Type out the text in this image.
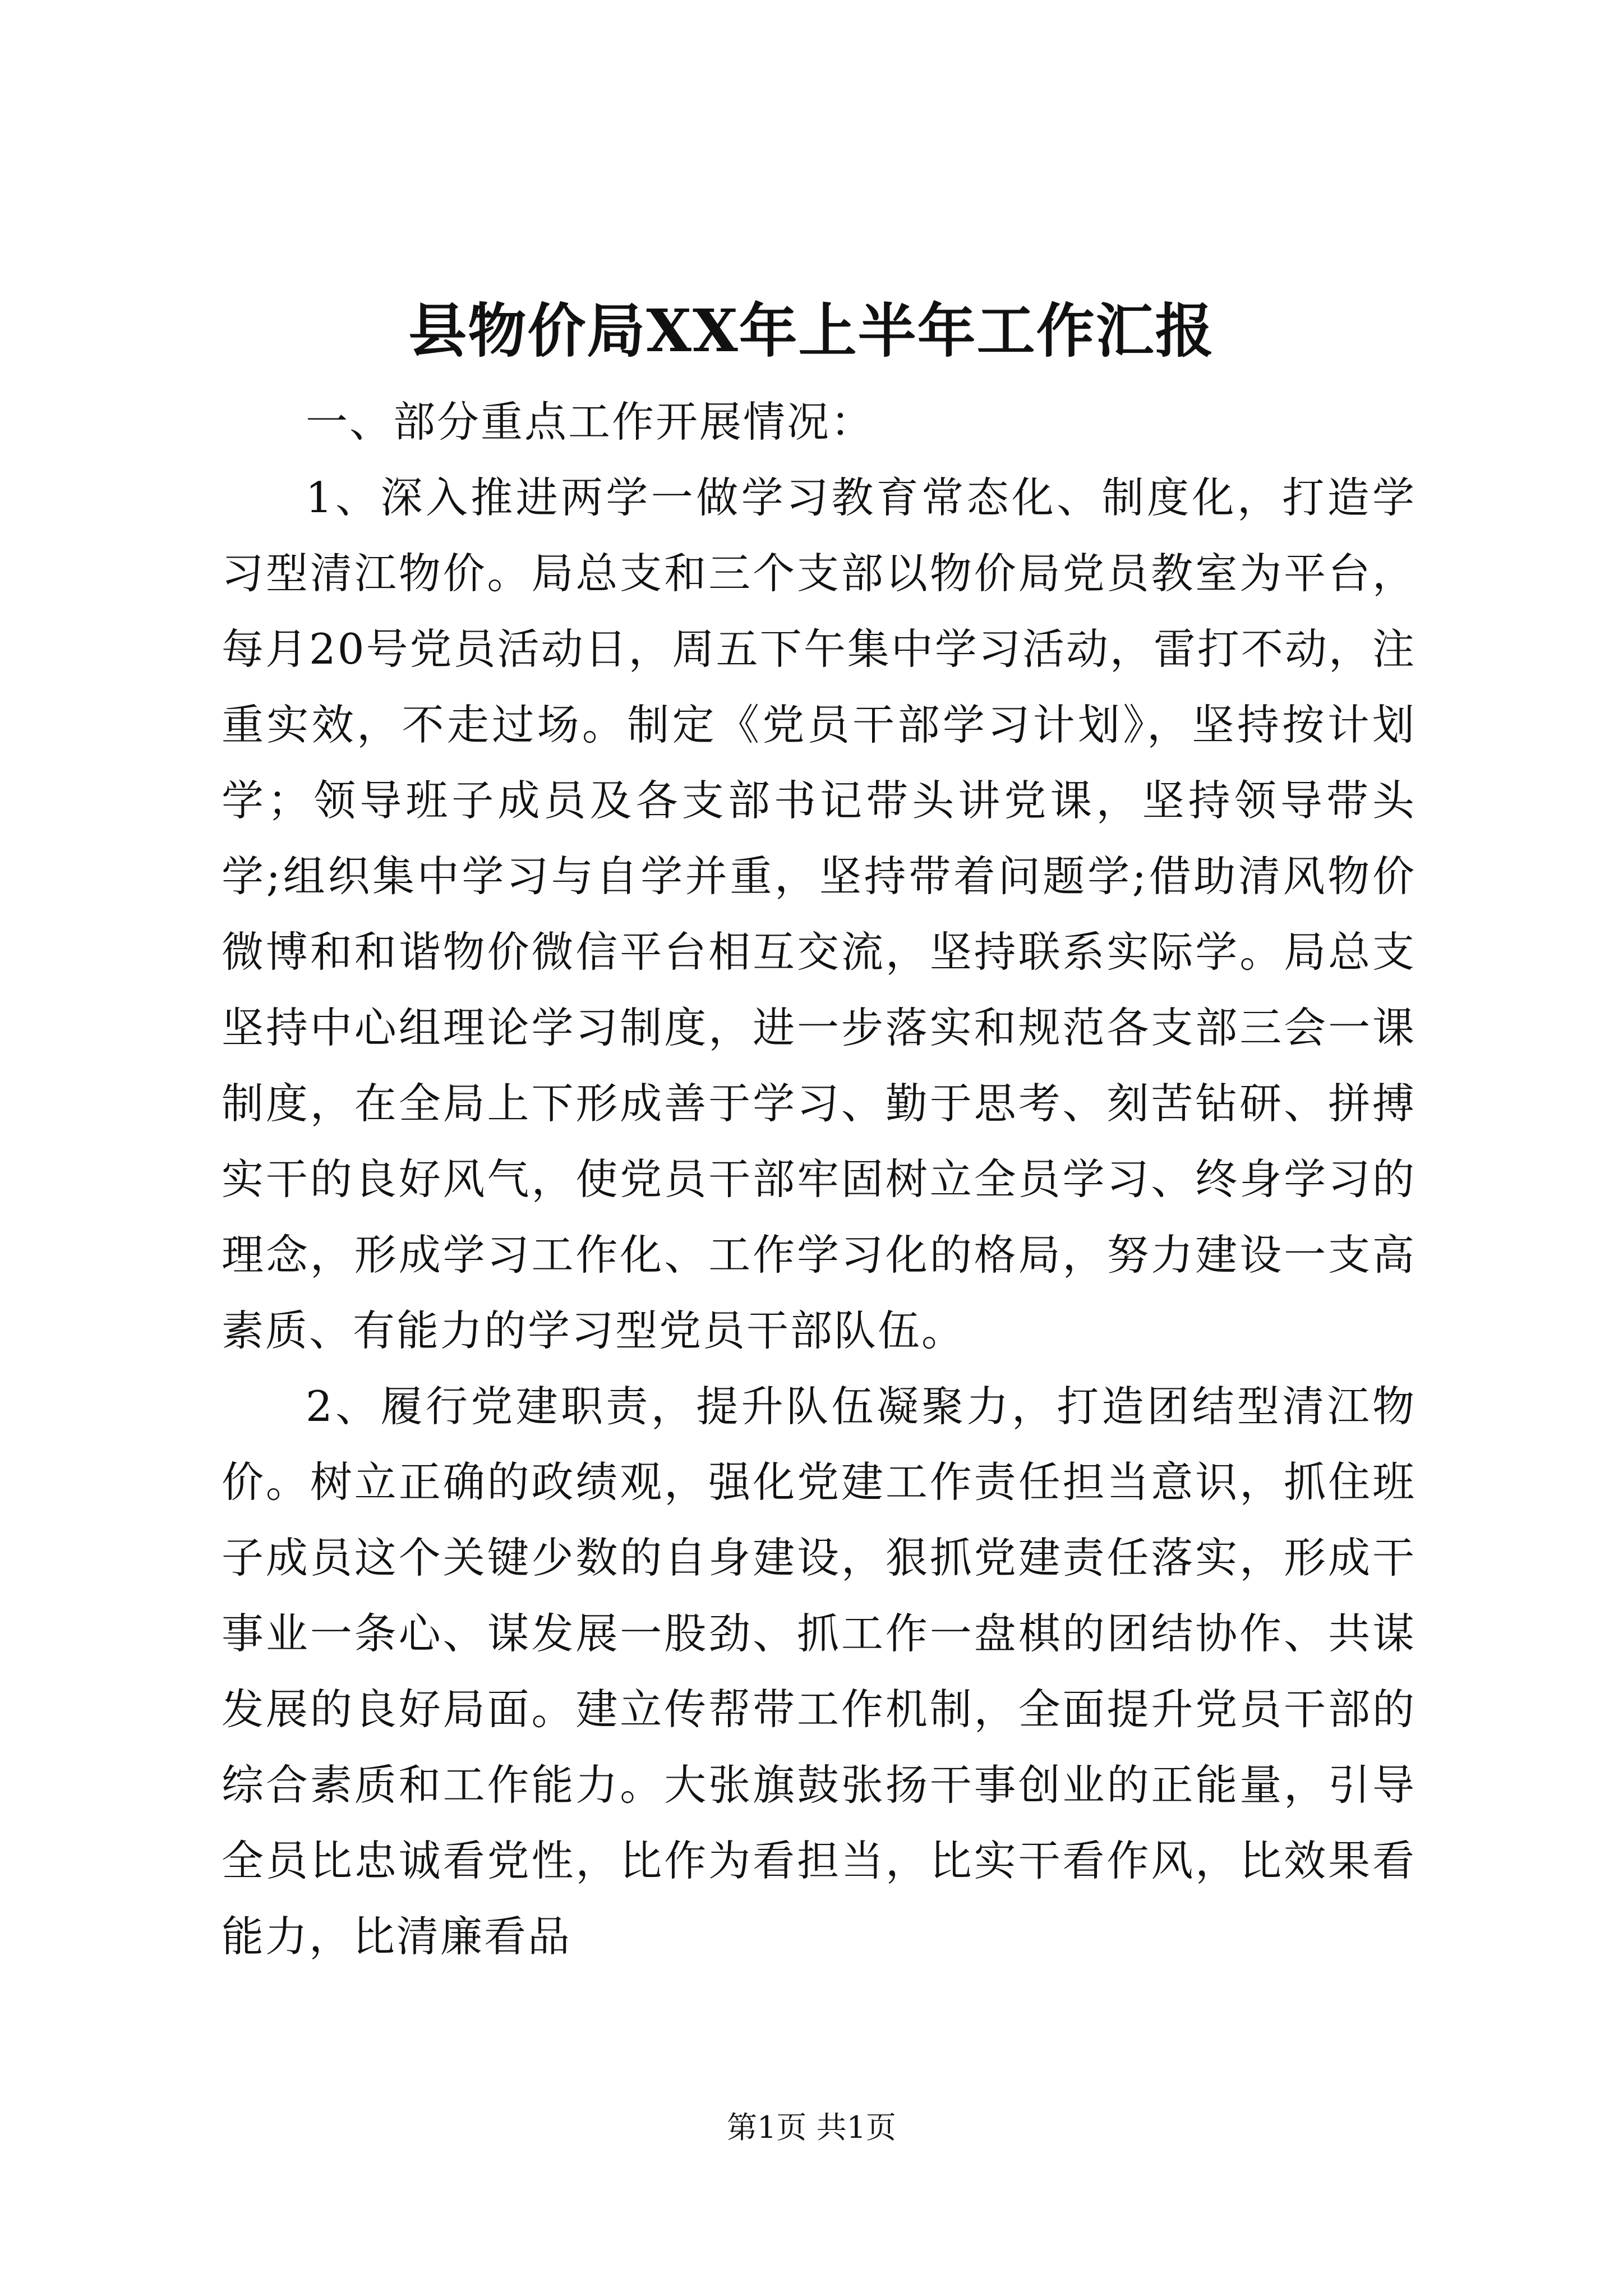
县物价局XX年上半年工作汇报

一、部分重点工作开展情况：

1、深入推进两学一做学习教育常态化、制度化，打造学习型清江物价。局总支和三个支部以物价局党员教室为平台，每月20号党员活动日，周五下午集中学习活动，雷打不动，注重实效，不走过场。制定《党员干部学习计划》，坚持按计划学；领导班子成员及各支部书记带头讲党课，坚持领导带头学;组织集中学习与自学并重，坚持带着问题学;借助清风物价微博和和谐物价微信平台相互交流，坚持联系实际学。局总支坚持中心组理论学习制度，进一步落实和规范各支部三会一课制度，在全局上下形成善于学习、勤于思考、刻苦钻研、拼搏实干的良好风气，使党员干部牢固树立全员学习、终身学习的理念，形成学习工作化、工作学习化的格局，努力建设一支高素质、有能力的学习型党员干部队伍。

2、履行党建职责，提升队伍凝聚力，打造团结型清江物价。树立正确的政绩观，强化党建工作责任担当意识，抓住班子成员这个关键少数的自身建设，狠抓党建责任落实，形成干事业一条心、谋发展一股劲、抓工作一盘棋的团结协作、共谋发展的良好局面。建立传帮带工作机制，全面提升党员干部的综合素质和工作能力。大张旗鼓张扬干事创业的正能量，引导全员比忠诚看党性，比作为看担当，比实干看作风，比效果看能力，比清廉看品

第1页 共1页
